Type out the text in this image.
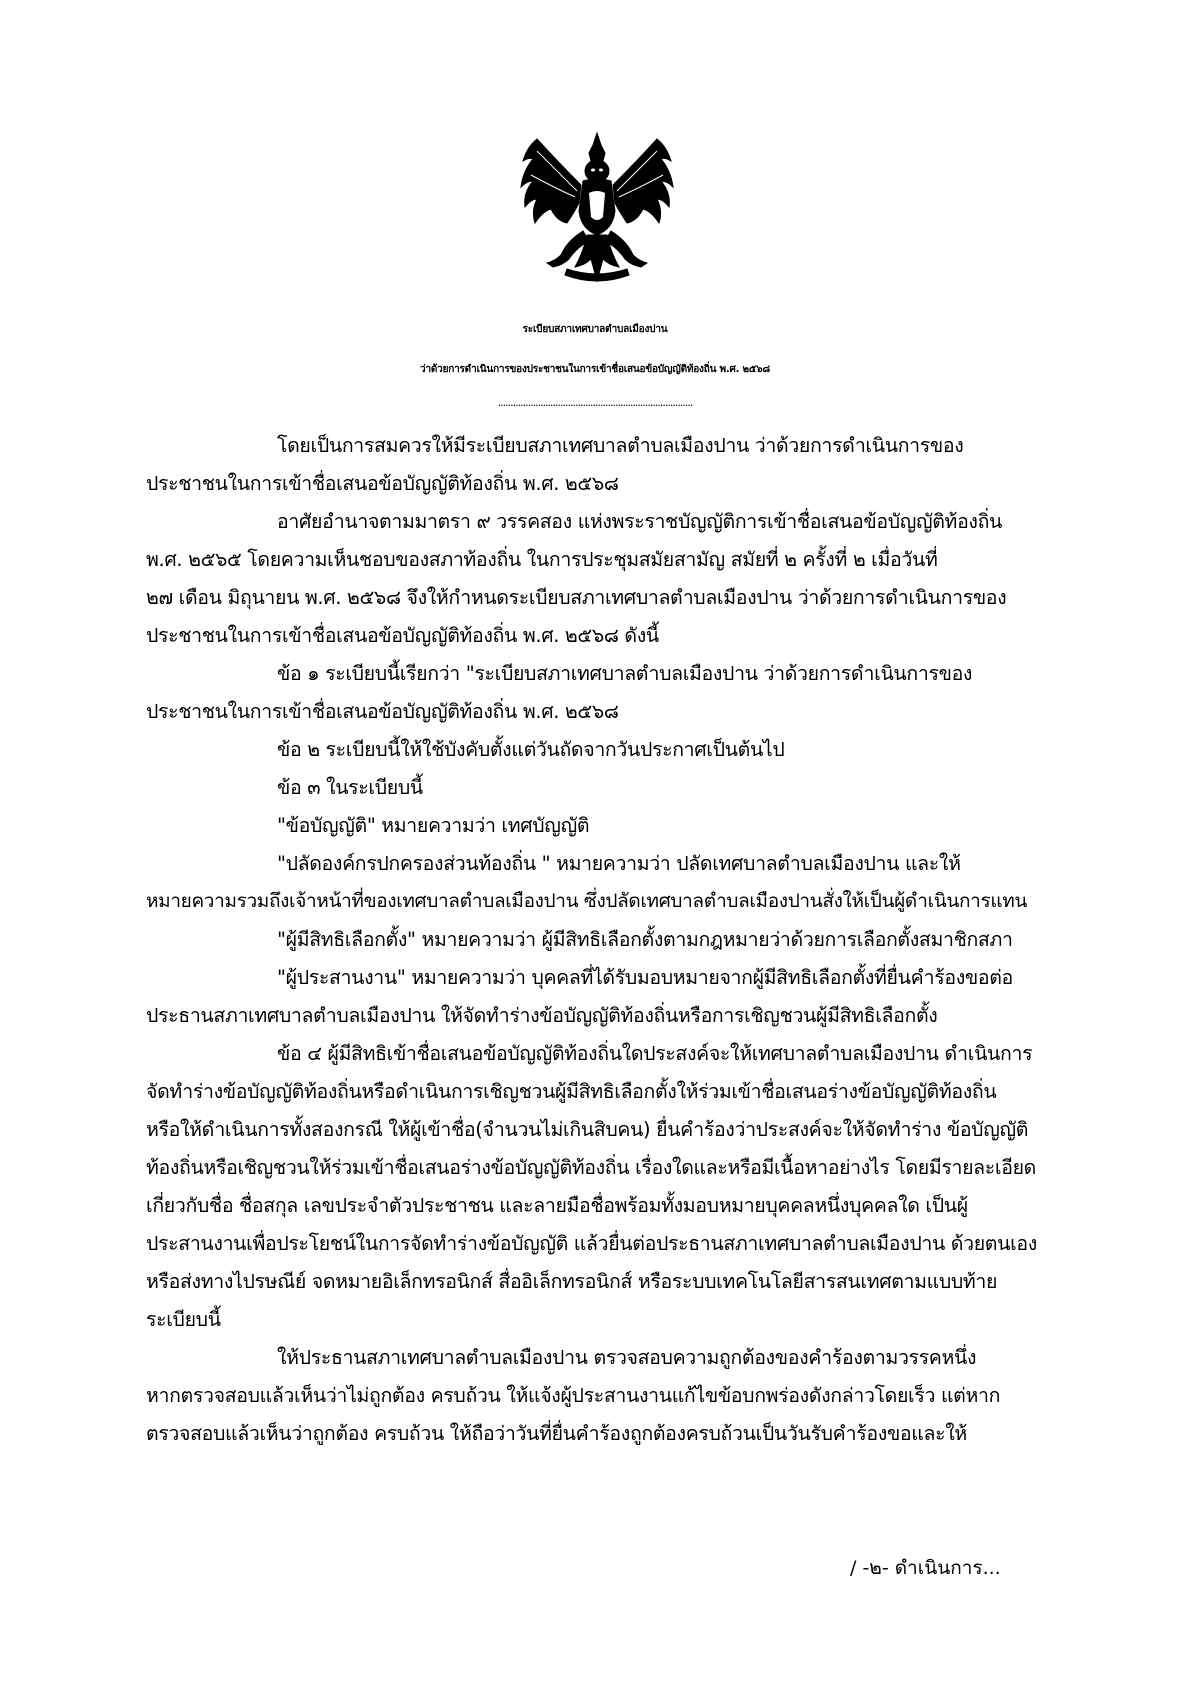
ระเบียบสภาเทศบาลตำบลเมืองปาน
ว่าด้วยการดำเนินการของประชาชนในการเข้าชื่อเสนอข้อบัญญัติท้องถิ่น พ.ศ. ๒๕๖๘
..............................................................................
โดยเป็นการสมควรให้มีระเบียบสภาเทศบาลตำบลเมืองปาน ว่าด้วยการดำเนินการของ
ประชาชนในการเข้าชื่อเสนอข้อบัญญัติท้องถิ่น พ.ศ. ๒๕๖๘
อาศัยอำนาจตามมาตรา ๙ วรรคสอง แห่งพระราชบัญญัติการเข้าชื่อเสนอข้อบัญญัติท้องถิ่น
พ.ศ. ๒๕๖๕ โดยความเห็นชอบของสภาท้องถิ่น ในการประชุมสมัยสามัญ สมัยที่ ๒ ครั้งที่ ๒ เมื่อวันที่
๒๗ เดือน มิถุนายน พ.ศ. ๒๕๖๘ จึงให้กำหนดระเบียบสภาเทศบาลตำบลเมืองปาน ว่าด้วยการดำเนินการของ
ประชาชนในการเข้าชื่อเสนอข้อบัญญัติท้องถิ่น พ.ศ. ๒๕๖๘ ดังนี้
ข้อ ๑ ระเบียบนี้เรียกว่า "ระเบียบสภาเทศบาลตำบลเมืองปาน ว่าด้วยการดำเนินการของ
ประชาชนในการเข้าชื่อเสนอข้อบัญญัติท้องถิ่น พ.ศ. ๒๕๖๘
ข้อ ๒ ระเบียบนี้ให้ใช้บังคับตั้งแต่วันถัดจากวันประกาศเป็นต้นไป
ข้อ ๓ ในระเบียบนี้
"ข้อบัญญัติ" หมายความว่า เทศบัญญัติ
"ปลัดองค์กรปกครองส่วนท้องถิ่น " หมายความว่า ปลัดเทศบาลตำบลเมืองปาน และให้
หมายความรวมถึงเจ้าหน้าที่ของเทศบาลตำบลเมืองปาน ซึ่งปลัดเทศบาลตำบลเมืองปานสั่งให้เป็นผู้ดำเนินการแทน
"ผู้มีสิทธิเลือกตั้ง" หมายความว่า ผู้มีสิทธิเลือกตั้งตามกฎหมายว่าด้วยการเลือกตั้งสมาชิกสภา
"ผู้ประสานงาน" หมายความว่า บุคคลที่ได้รับมอบหมายจากผู้มีสิทธิเลือกตั้งที่ยื่นคำร้องขอต่อ
ประธานสภาเทศบาลตำบลเมืองปาน ให้จัดทำร่างข้อบัญญัติท้องถิ่นหรือการเชิญชวนผู้มีสิทธิเลือกตั้ง
ข้อ ๔ ผู้มีสิทธิเข้าชื่อเสนอข้อบัญญัติท้องถิ่นใดประสงค์จะให้เทศบาลตำบลเมืองปาน ดำเนินการ
จัดทำร่างข้อบัญญัติท้องถิ่นหรือดำเนินการเชิญชวนผู้มีสิทธิเลือกตั้งให้ร่วมเข้าชื่อเสนอร่างข้อบัญญัติท้องถิ่น
หรือให้ดำเนินการทั้งสองกรณี ให้ผู้เข้าชื่อ(จำนวนไม่เกินสิบคน) ยื่นคำร้องว่าประสงค์จะให้จัดทำร่าง ข้อบัญญัติ
ท้องถิ่นหรือเชิญชวนให้ร่วมเข้าชื่อเสนอร่างข้อบัญญัติท้องถิ่น เรื่องใดและหรือมีเนื้อหาอย่างไร โดยมีรายละเอียด
เกี่ยวกับชื่อ ชื่อสกุล เลขประจำตัวประชาชน และลายมือชื่อพร้อมทั้งมอบหมายบุคคลหนึ่งบุคคลใด เป็นผู้
ประสานงานเพื่อประโยชน์ในการจัดทำร่างข้อบัญญัติ แล้วยื่นต่อประธานสภาเทศบาลตำบลเมืองปาน ด้วยตนเอง
หรือส่งทางไปรษณีย์ จดหมายอิเล็กทรอนิกส์ สื่ออิเล็กทรอนิกส์ หรือระบบเทคโนโลยีสารสนเทศตามแบบท้าย
ระเบียบนี้
ให้ประธานสภาเทศบาลตำบลเมืองปาน ตรวจสอบความถูกต้องของคำร้องตามวรรคหนึ่ง
หากตรวจสอบแล้วเห็นว่าไม่ถูกต้อง ครบถ้วน ให้แจ้งผู้ประสานงานแก้ไขข้อบกพร่องดังกล่าวโดยเร็ว แต่หาก
ตรวจสอบแล้วเห็นว่าถูกต้อง ครบถ้วน ให้ถือว่าวันที่ยื่นคำร้องถูกต้องครบถ้วนเป็นวันรับคำร้องขอและให้
/ -๒- ดำเนินการ...
